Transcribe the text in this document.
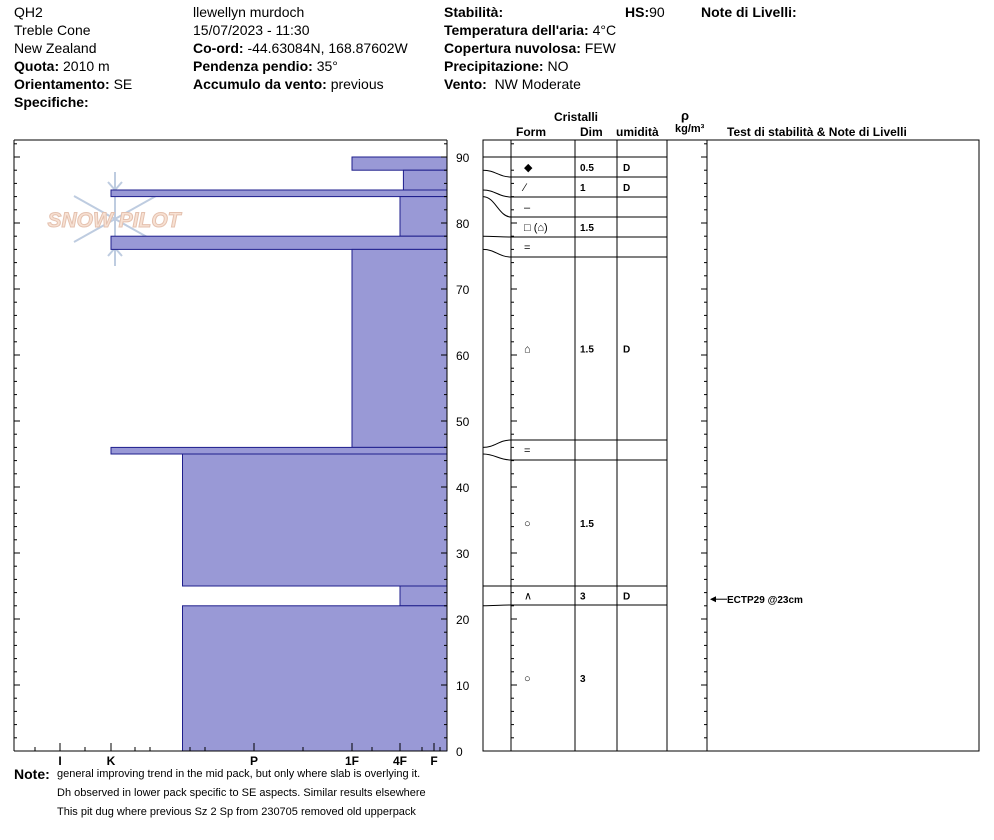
QH2
Treble Cone
New Zealand
Quota: 2010 m
Orientamento: SE
Specifiche:
llewellyn murdoch
15/07/2023 - 11:30
Co-ord: -44.63084N, 168.87602W
Pendenza pendio: 35°
Accumulo da vento: previous
Stabilità:	HS:90	Note di Livelli:
Temperatura dell'aria: 4°C
Copertura nuvolosa: FEW
Precipitazione: NO
Vento: NW Moderate
Cristalli
Form	Dim umidità
ρ
kg/m³ Test di stabilità & Note di Livelli
SNOW PILOT
0
10
20
30
40
50
60
70
80
90
I	K	P	1F	4F F
◆	0.5	D
∕	1	D
–
□ (⌂)	1.5
=
⌂	1.5	D
=
○	1.5
∧	3	D
○	3
ECTP29 @23cm
Note: general improving trend in the mid pack, but only where slab is overlying it.
Dh observed in lower pack specific to SE aspects. Similar results elsewhere
This pit dug where previous Sz 2 Sp from 230705 removed old upperpack
